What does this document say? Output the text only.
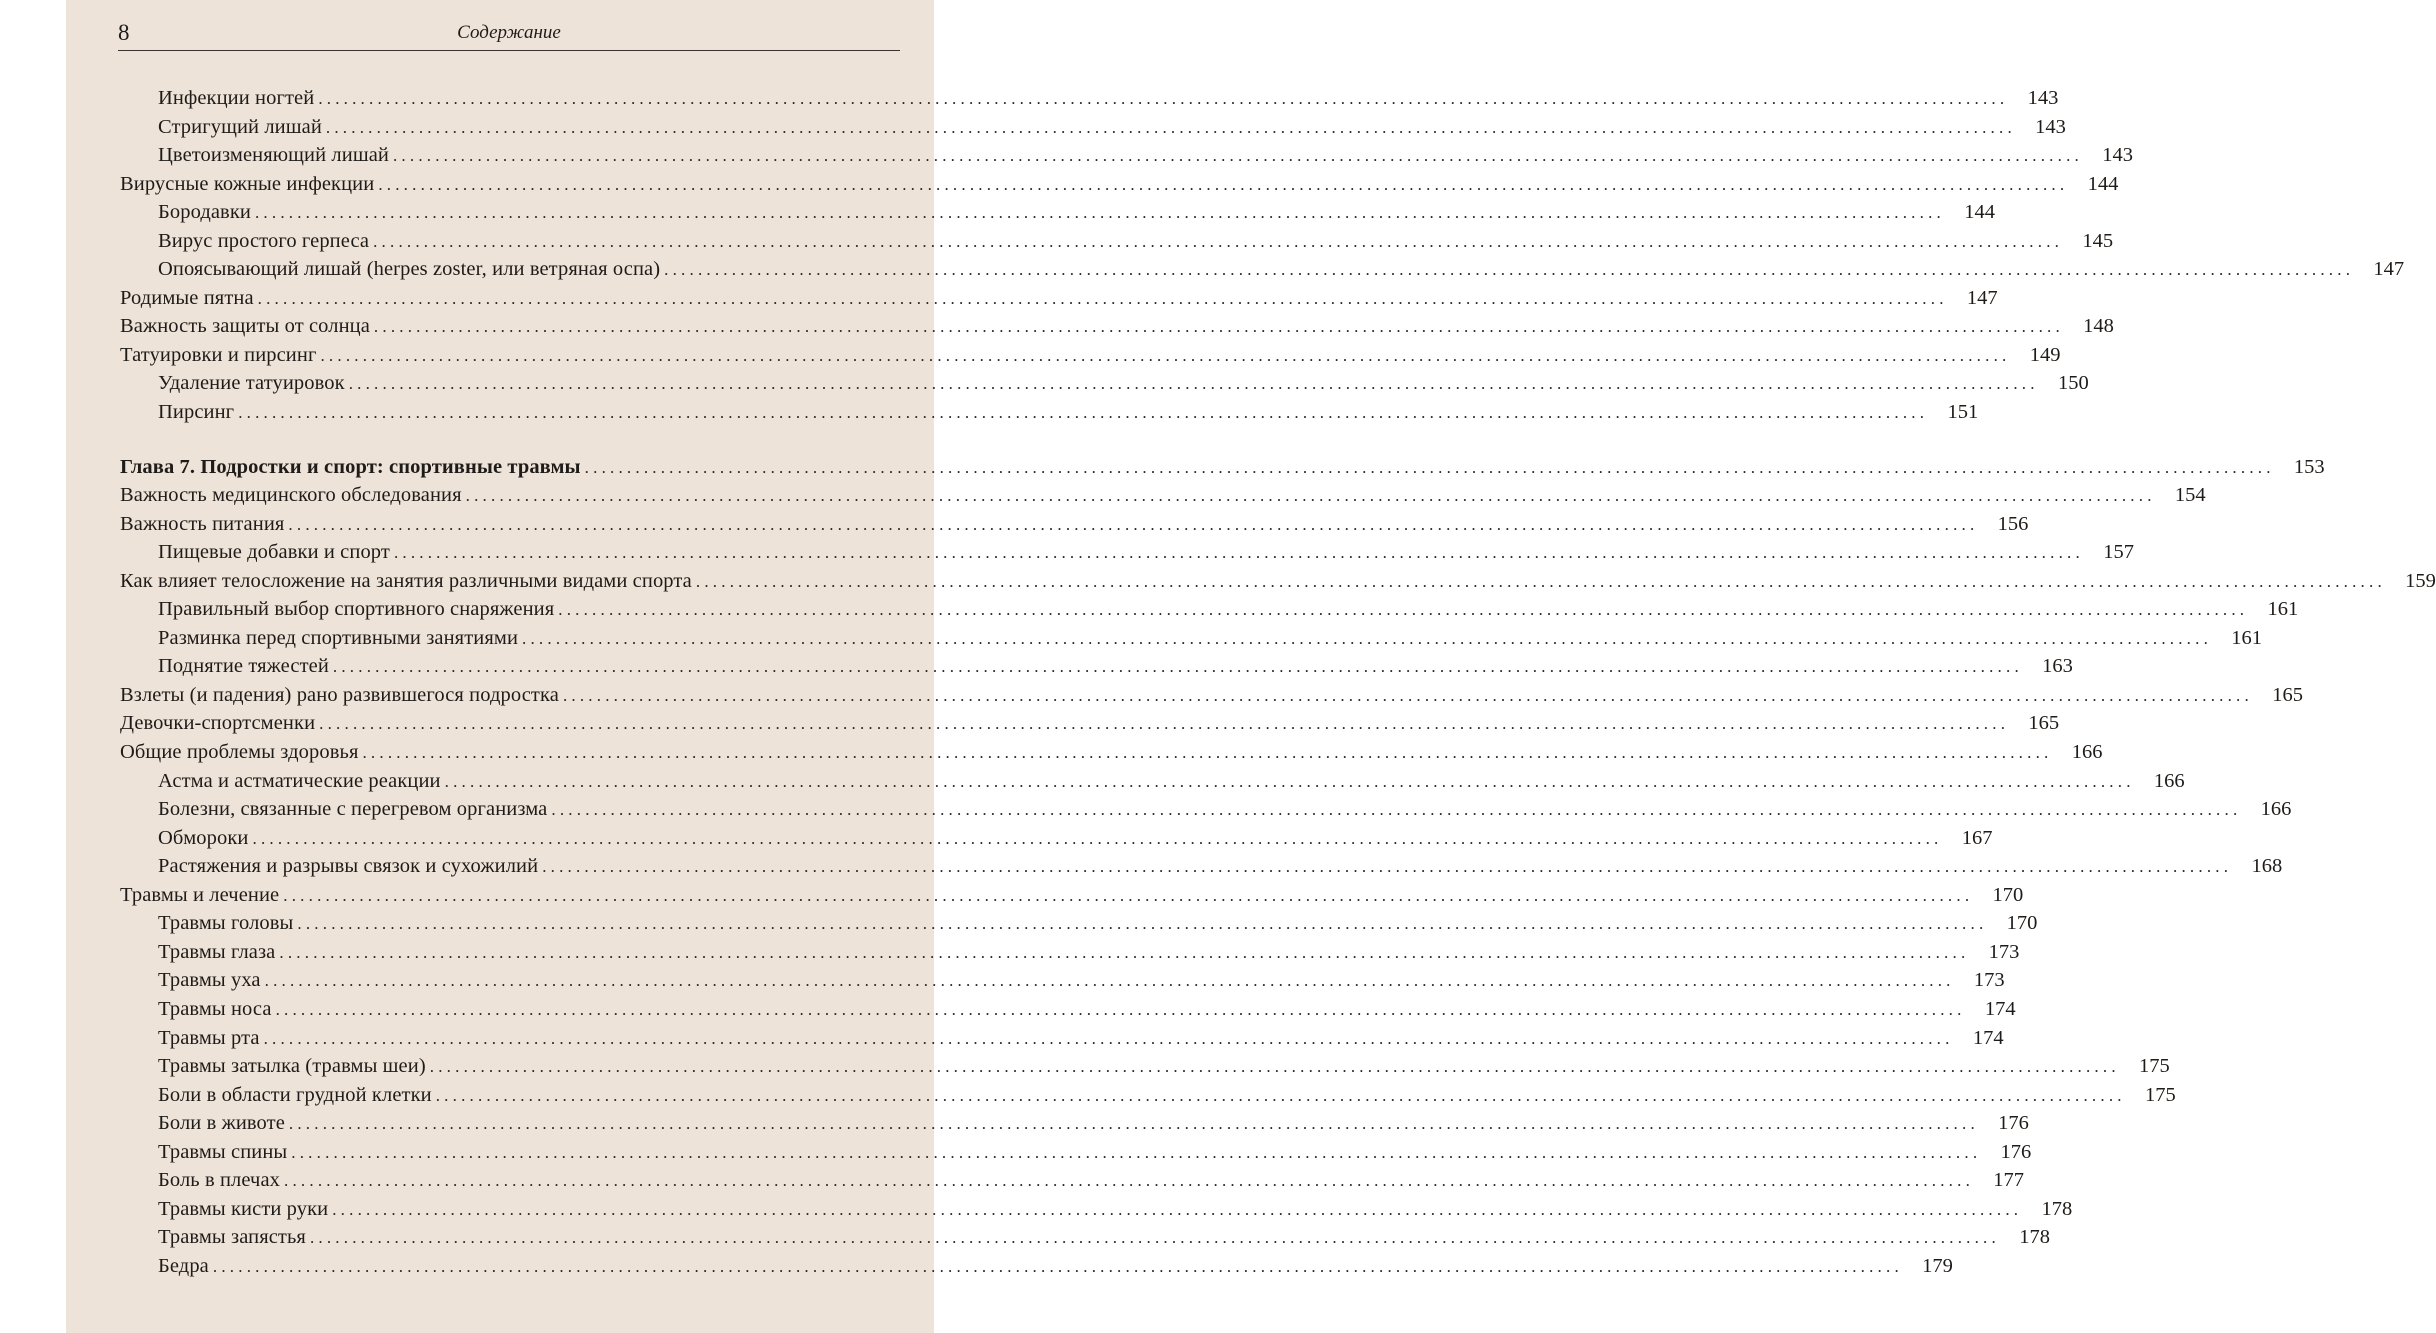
8	Содержание
Инфекции ногтей ........................................................................................................................................................................................................ 143
Стригущий лишай ........................................................................................................................................................................................................ 143
Цветоизменяющий лишай ........................................................................................................................................................................................................ 143
Вирусные кожные инфекции ........................................................................................................................................................................................................ 144
Бородавки ........................................................................................................................................................................................................ 144
Вирус простого герпеса ........................................................................................................................................................................................................ 145
Опоясывающий лишай (herpes zoster, или ветряная оспа) ........................................................................................................................................................................................................ 147
Родимые пятна ........................................................................................................................................................................................................ 147
Важность защиты от солнца ........................................................................................................................................................................................................ 148
Татуировки и пирсинг ........................................................................................................................................................................................................ 149
Удаление татуировок ........................................................................................................................................................................................................ 150
Пирсинг ........................................................................................................................................................................................................ 151
Глава 7. Подростки и спорт: спортивные травмы ........................................................................................................................................................................................................ 153
Важность медицинского обследования ........................................................................................................................................................................................................ 154
Важность питания ........................................................................................................................................................................................................ 156
Пищевые добавки и спорт ........................................................................................................................................................................................................ 157
Как влияет телосложение на занятия различными видами спорта ........................................................................................................................................................................................................ 159
Правильный выбор спортивного снаряжения ........................................................................................................................................................................................................ 161
Разминка перед спортивными занятиями ........................................................................................................................................................................................................ 161
Поднятие тяжестей ........................................................................................................................................................................................................ 163
Взлеты (и падения) рано развившегося подростка ........................................................................................................................................................................................................ 165
Девочки-спортсменки ........................................................................................................................................................................................................ 165
Общие проблемы здоровья ........................................................................................................................................................................................................ 166
Астма и астматические реакции ........................................................................................................................................................................................................ 166
Болезни, связанные с перегревом организма ........................................................................................................................................................................................................ 166
Обмороки ........................................................................................................................................................................................................ 167
Растяжения и разрывы связок и сухожилий ........................................................................................................................................................................................................ 168
Травмы и лечение ........................................................................................................................................................................................................ 170
Травмы головы ........................................................................................................................................................................................................ 170
Травмы глаза ........................................................................................................................................................................................................ 173
Травмы уха ........................................................................................................................................................................................................ 173
Травмы носа ........................................................................................................................................................................................................ 174
Травмы рта ........................................................................................................................................................................................................ 174
Травмы затылка (травмы шеи) ........................................................................................................................................................................................................ 175
Боли в области грудной клетки ........................................................................................................................................................................................................ 175
Боли в животе ........................................................................................................................................................................................................ 176
Травмы спины ........................................................................................................................................................................................................ 176
Боль в плечах ........................................................................................................................................................................................................ 177
Травмы кисти руки ........................................................................................................................................................................................................ 178
Травмы запястья ........................................................................................................................................................................................................ 178
Бедра ........................................................................................................................................................................................................ 179
